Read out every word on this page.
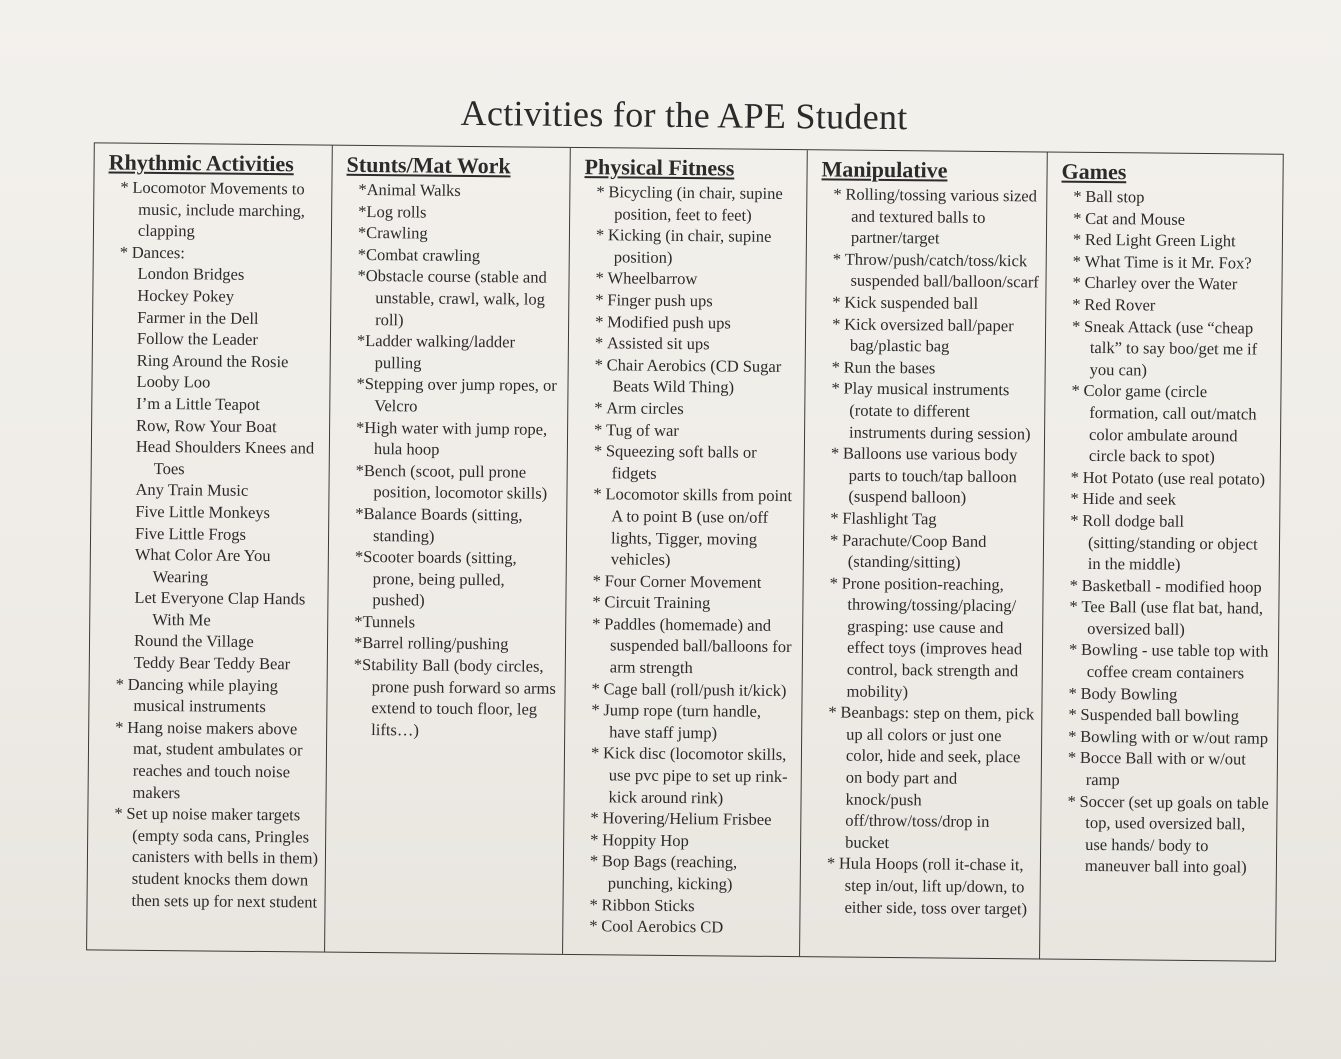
Activities for the APE Student
Rhythmic Activities
* Locomotor Movements to music, include marching, clapping
* Dances:
London Bridges
Hockey Pokey
Farmer in the Dell
Follow the Leader
Ring Around the Rosie
Looby Loo
I’m a Little Teapot
Row, Row Your Boat
Head Shoulders Knees and Toes
Any Train Music
Five Little Monkeys
Five Little Frogs
What Color Are You Wearing
Let Everyone Clap Hands With Me
Round the Village
Teddy Bear Teddy Bear
* Dancing while playing musical instruments
* Hang noise makers above mat, student ambulates or reaches and touch noise makers
* Set up noise maker targets (empty soda cans, Pringles canisters with bells in them) student knocks them down then sets up for next student
Stunts/Mat Work
*Animal Walks
*Log rolls
*Crawling
*Combat crawling
*Obstacle course (stable and unstable, crawl, walk, log roll)
*Ladder walking/ladder pulling
*Stepping over jump ropes, or Velcro
*High water with jump rope, hula hoop
*Bench (scoot, pull prone position, locomotor skills)
*Balance Boards (sitting, standing)
*Scooter boards (sitting, prone, being pulled, pushed)
*Tunnels
*Barrel rolling/pushing
*Stability Ball (body circles, prone push forward so arms extend to touch floor, leg lifts…)
Physical Fitness
* Bicycling (in chair, supine position, feet to feet)
* Kicking (in chair, supine position)
* Wheelbarrow
* Finger push ups
* Modified push ups
* Assisted sit ups
* Chair Aerobics (CD Sugar Beats Wild Thing)
* Arm circles
* Tug of war
* Squeezing soft balls or fidgets
* Locomotor skills from point A to point B (use on/off lights, Tigger, moving vehicles)
* Four Corner Movement
* Circuit Training
* Paddles (homemade) and suspended ball/balloons for arm strength
* Cage ball (roll/push it/kick)
* Jump rope (turn handle, have staff jump)
* Kick disc (locomotor skills, use pvc pipe to set up rink- kick around rink)
* Hovering/Helium Frisbee
* Hoppity Hop
* Bop Bags (reaching, punching, kicking)
* Ribbon Sticks
* Cool Aerobics CD
Manipulative
* Rolling/tossing various sized and textured balls to partner/target
* Throw/push/catch/toss/kick suspended ball/balloon/scarf
* Kick suspended ball
* Kick oversized ball/paper bag/plastic bag
* Run the bases
* Play musical instruments (rotate to different instruments during session)
* Balloons use various body parts to touch/tap balloon (suspend balloon)
* Flashlight Tag
* Parachute/Coop Band (standing/sitting)
* Prone position-reaching, throwing/tossing/placing/ grasping: use cause and effect toys (improves head control, back strength and mobility)
* Beanbags: step on them, pick up all colors or just one color, hide and seek, place on body part and knock/push off/throw/toss/drop in bucket
* Hula Hoops (roll it-chase it, step in/out, lift up/down, to either side, toss over target)
Games
* Ball stop
* Cat and Mouse
* Red Light Green Light
* What Time is it Mr. Fox?
* Charley over the Water
* Red Rover
* Sneak Attack (use “cheap talk” to say boo/get me if you can)
* Color game (circle formation, call out/match color ambulate around circle back to spot)
* Hot Potato (use real potato)
* Hide and seek
* Roll dodge ball (sitting/standing or object in the middle)
* Basketball - modified hoop
* Tee Ball (use flat bat, hand, oversized ball)
* Bowling - use table top with coffee cream containers
* Body Bowling
* Suspended ball bowling
* Bowling with or w/out ramp
* Bocce Ball with or w/out ramp
* Soccer (set up goals on table top, used oversized ball, use hands/ body to maneuver ball into goal)
